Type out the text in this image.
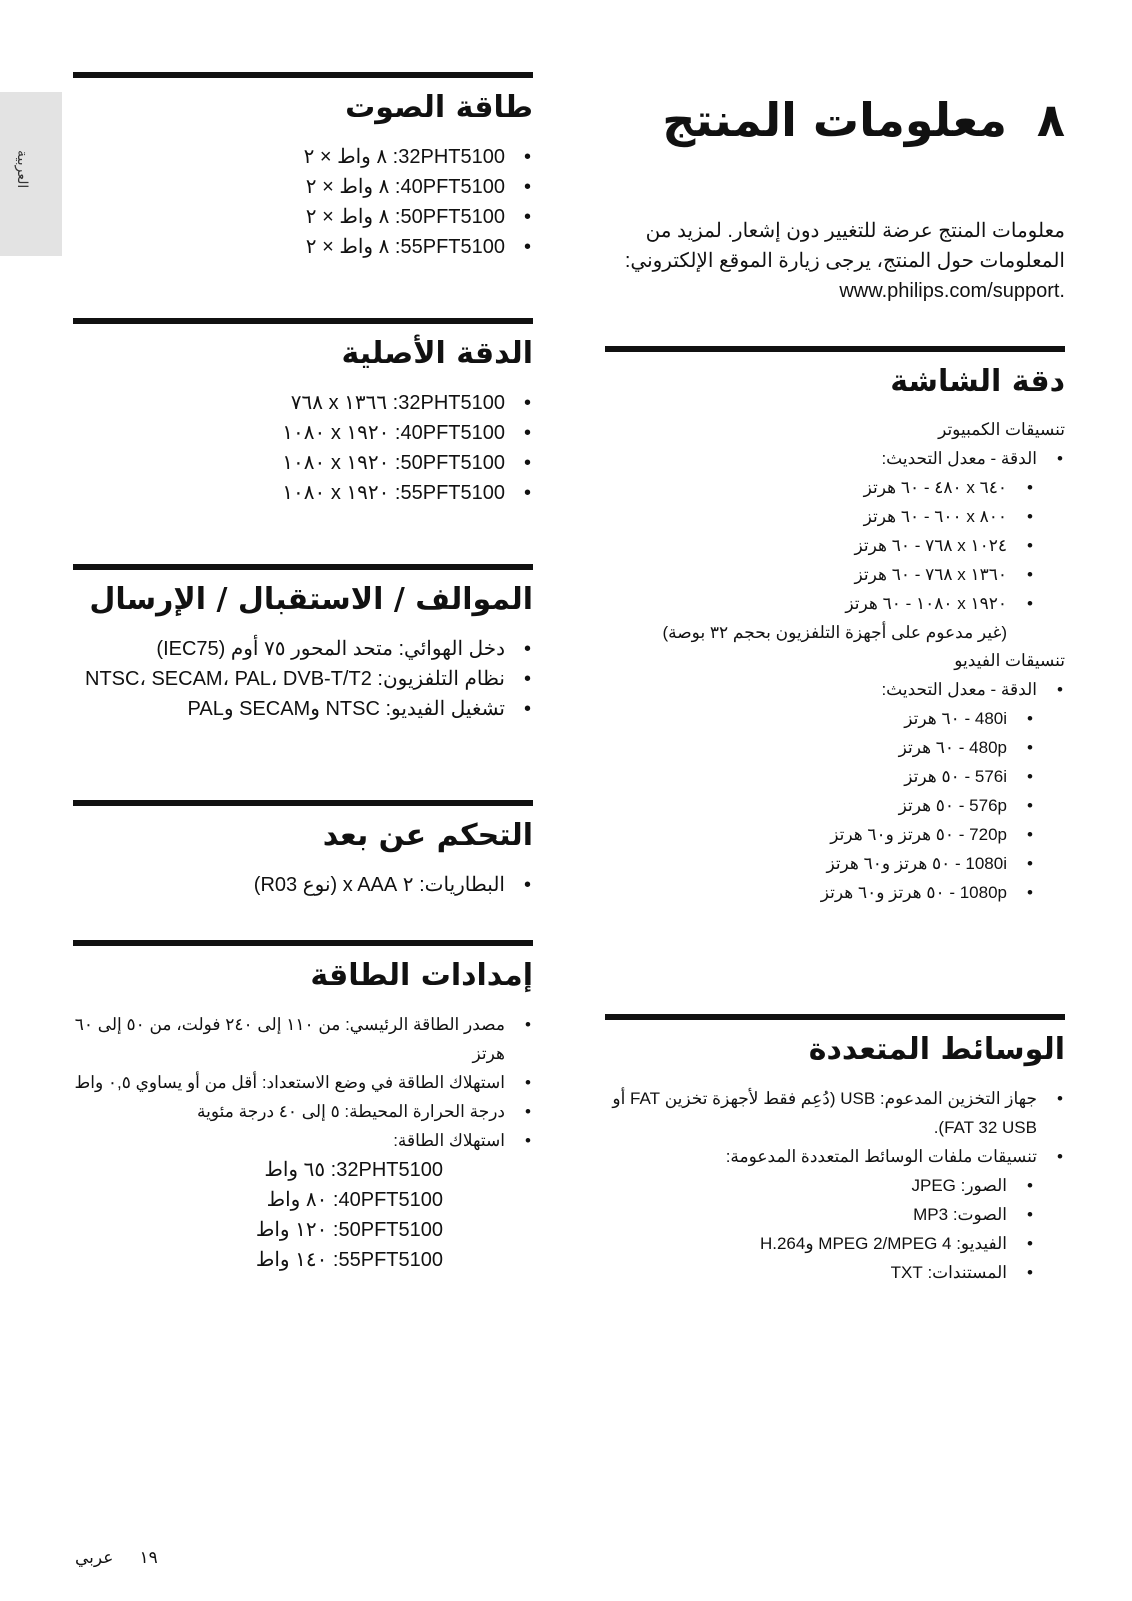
العربية
٨معلومات المنتج
معلومات المنتج عرضة للتغيير دون إشعار. لمزيد من المعلومات حول المنتج، يرجى زيارة الموقع الإلكتروني:
www.philips.com/support.
دقة الشاشة
تنسيقات الكمبيوتر
• الدقة - معدل التحديث:
• ٦٤٠ x ٤٨٠ - ٦٠ هرتز
• ٨٠٠ x ٦٠٠ - ٦٠ هرتز
• ١٠٢٤ x ٧٦٨ - ٦٠ هرتز
• ١٣٦٠ x ٧٦٨ - ٦٠ هرتز
• ١٩٢٠ x ١٠٨٠ - ٦٠ هرتز
(غير مدعوم على أجهزة التلفزيون بحجم ٣٢ بوصة)
تنسيقات الفيديو
• الدقة - معدل التحديث:
• 480i - ٦٠ هرتز
• 480p - ٦٠ هرتز
• 576i - ٥٠ هرتز
• 576p - ٥٠ هرتز
• 720p - ٥٠ هرتز و٦٠ هرتز
• 1080i - ٥٠ هرتز و٦٠ هرتز
• 1080p - ٥٠ هرتز و٦٠ هرتز
الوسائط المتعددة
• جهاز التخزين المدعوم: USB (دُعِم فقط لأجهزة تخزين FAT أو FAT 32 USB).
• تنسيقات ملفات الوسائط المتعددة المدعومة:
• الصور: JPEG
• الصوت: MP3
• الفيديو: MPEG 2/MPEG 4 وH.264
• المستندات: TXT
طاقة الصوت
• 32PHT5100: ٨ واط × ٢
• 40PFT5100: ٨ واط × ٢
• 50PFT5100: ٨ واط × ٢
• 55PFT5100: ٨ واط × ٢
الدقة الأصلية
• 32PHT5100: ١٣٦٦ x ٧٦٨
• 40PFT5100: ١٩٢٠ x ١٠٨٠
• 50PFT5100: ١٩٢٠ x ١٠٨٠
• 55PFT5100: ١٩٢٠ x ١٠٨٠
الموالف / الاستقبال / الإرسال
• دخل الهوائي: متحد المحور ٧٥ أوم (IEC75)
• نظام التلفزيون: NTSC، SECAM، PAL، DVB-T/T2
• تشغيل الفيديو: NTSC وSECAM وPAL
التحكم عن بعد
• البطاريات: ٢ x AAA (نوع R03)
إمدادات الطاقة
• مصدر الطاقة الرئيسي: من ١١٠ إلى ٢٤٠ فولت، من ٥٠ إلى ٦٠ هرتز
• استهلاك الطاقة في وضع الاستعداد: أقل من أو يساوي ٠,٥ واط
• درجة الحرارة المحيطة: ٥ إلى ٤٠ درجة مئوية
• استهلاك الطاقة:
32PHT5100: ٦٥ واط
40PFT5100: ٨٠ واط
50PFT5100: ١٢٠ واط
55PFT5100: ١٤٠ واط
١٩عربي
